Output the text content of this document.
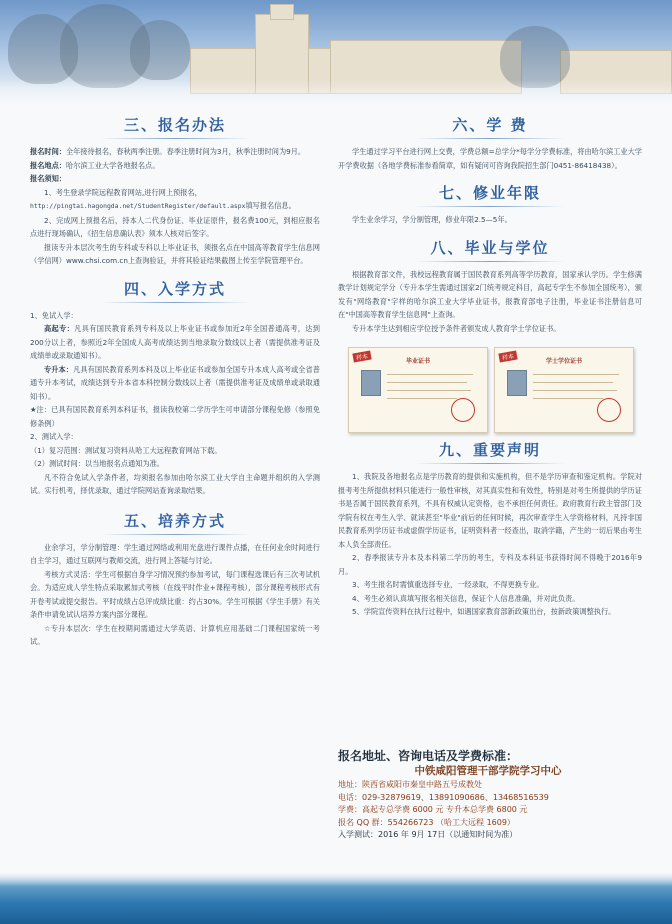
三、报名办法

报名时间：全年接待报名，春秋两季注册。春季注册时间为3月，秋季注册时间为9月。

报名地点：哈尔滨工业大学各地报名点。

报名须知：

1、考生登录学院远程教育网站,进行网上预报名，
http://pingtai.hagongda.net/StudentRegister/default.aspx填写报名信息。

2、完成网上预报名后，持本人二代身份证、毕业证原件，报名费100元，到相应报名点进行现场确认，《招生信息确认表》须本人核对后签字。

报读专升本层次考生的专科或专科以上毕业证书，须报名点在中国高等教育学生信息网（学信网）www.chsi.com.cn上查询验证，并将其验证结果截图上传至学院管理平台。

四、入学方式

1、免试入学：

高起专：凡具有国民教育系列专科及以上毕业证书或参加近2年全国普通高考，达到200分以上者，参照近2年全国成人高考成绩达到当地录取分数线以上者（需提供准考证及成绩单或录取通知书）。

专升本：凡具有国民教育系列本科及以上毕业证书或参加全国专升本成人高考或全省普通专升本考试，成绩达到专升本省本科控制分数线以上者（需提供准考证及成绩单或录取通知书）。

★注：已具有国民教育系列本科证书，报读我校第二学历学生可申请部分课程免修（参照免修条例）

2、测试入学：

（1）复习范围：测试复习资料从哈工大远程教育网站下载。

（2）测试时间：以当地报名点通知为准。

凡不符合免试入学条件者，均须报名参加由哈尔滨工业大学自主命题并组织的入学测试。实行机考，择优录取，通过学院网站查询录取结果。

五、培养方式

业余学习，学分制管理：学生通过网络或利用光盘进行课件点播，在任何业余时间进行自主学习，通过互联网与教师交流，进行网上答疑与讨论。

考核方式灵活：学生可根据自身学习情况预约参加考试，每门课程选课后有三次考试机会。为适应成人学生特点采取累加式考核（在线平时作业+课程考核），部分课程考核形式有开卷考试或提交报告。平时成绩占总评成绩比重：约占30%。学生可根据《学生手册》有关条件申请免试认培养方案内部分课程。

☆专升本层次：学生在校期间需通过大学英语、计算机应用基础二门课程国家统一考试。

六、学 费

学生通过学习平台进行网上交费，学费总额=总学分*每学分学费标准，将由哈尔滨工业大学开学费收据（各地学费标准参看简章，如有疑问可咨询我院招生部门0451-86418438）。

七、修业年限

学生业余学习，学分制管理，修业年限2.5—5年。

八、毕业与学位

根据教育部文件，我校远程教育属于国民教育系列高等学历教育，国家承认学历。学生修满教学计划规定学分（专升本学生需通过国家2门统考规定科目，高起专学生不参加全国统考），颁发有"网络教育"字样的哈尔滨工业大学毕业证书，报教育部电子注册，毕业证书注册信息可在"中国高等教育学生信息网"上查询。

专升本学生达到相应学位授予条件者颁发成人教育学士学位证书。

样本	毕业证书	样本	学士学位证书
九、重要声明

1、我院及各地报名点是学历教育的提供和实施机构，但不是学历审查和鉴定机构。学院对报考考生所提供材料只能进行一般性审核，对其真实性和有效性，特别是对考生所提供的学历证书是否属于国民教育系列，不具有权威认定资格，也不承担任何责任。政府教育行政主管部门及学院有权在考生入学、就读甚至"毕业"前后的任何时候，再次审查学生入学资格材料，凡持非国民教育系列学历证书或虚假学历证书，证明资料者一经查出，取消学籍，产生的一切后果由考生本人负全部责任。

2、春季报读专升本及本科第二学历的考生，专科及本科证书获得时间不得晚于2016年9月。

3、考生报名时需慎重选择专业，一经录取，不得更换专业。

4、考生必须认真填写报名相关信息，保证个人信息准确，并对此负责。

5、学院宣传资料在执行过程中，如遇国家教育部新政策出台，按新政策调整执行。

报名地址、咨询电话及学费标准：
中铁咸阳管理干部学院学习中心
地址：陕西省咸阳市秦皇中路五号成教处
电话：029-32879619、13891090686、13468516539
学费：高起专总学费 6000 元 专升本总学费 6800 元
报名 QQ 群：554266723 （哈工大远程 1609）
入学测试：2016 年 9月 17日（以通知时间为准）
